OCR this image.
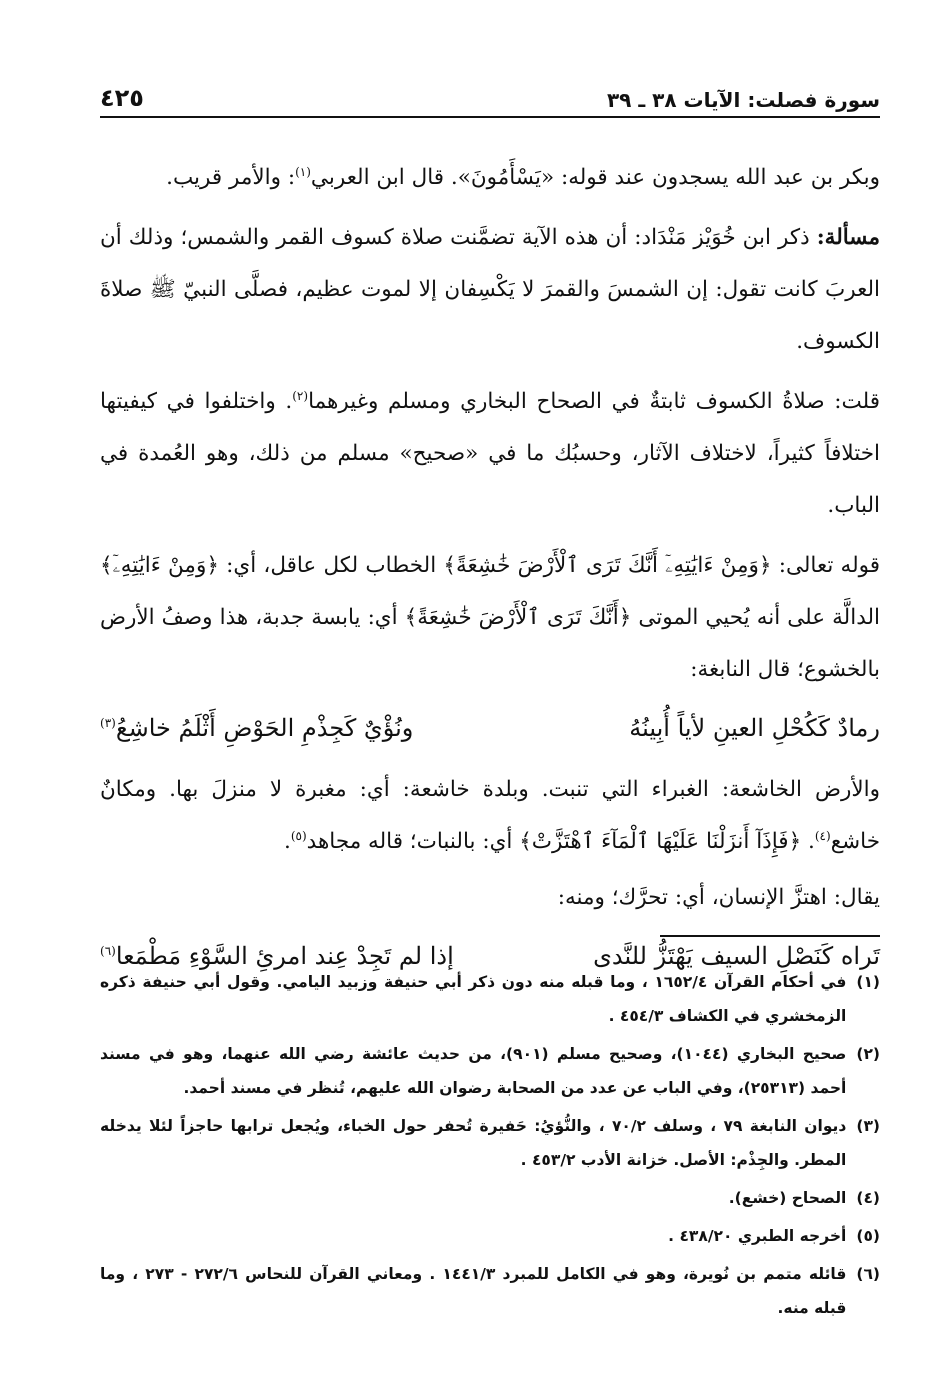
سورة فصلت: الآيات ٣٨ ـ ٣٩
٤٢٥

وبكر بن عبد الله يسجدون عند قوله: «يَسْأَمُونَ». قال ابن العربي$^{(١)}$: والأمر قريب.

مسألة: ذكر ابن خُوَيْز مَنْدَاد: أن هذه الآية تضمَّنت صلاة كسوف القمر والشمس؛ وذلك أن العربَ كانت تقول: إن الشمسَ والقمرَ لا يَكْسِفان إلا لموت عظيم، فصلَّى النبيّ ﷺ صلاةَ الكسوف.

قلت: صلاةُ الكسوف ثابتةٌ في الصحاح البخاري ومسلم وغيرهما$^{(٢)}$. واختلفوا في كيفيتها اختلافاً كثيراً، لاختلاف الآثار، وحسبُك ما في «صحيح» مسلم من ذلك، وهو العُمدة في الباب.

قوله تعالى: ﴿وَمِنْ ءَايَٰتِهِۦٓ أَنَّكَ تَرَى ٱلْأَرْضَ خَٰشِعَةً﴾ الخطاب لكل عاقل، أي: ﴿وَمِنْ ءَايَٰتِهِۦٓ﴾ الدالَّة على أنه يُحيي الموتى ﴿أَنَّكَ تَرَى ٱلْأَرْضَ خَٰشِعَةً﴾ أي: يابسة جدبة، هذا وصفُ الأرض بالخشوع؛ قال النابغة:

رمادٌ كَكُحْلِ العينِ لأياً أُبِينُهُ
ونُؤْيٌ كَجِذْمِ الحَوْضِ أَثْلَمُ خاشِعُ$^{(٣)}$

والأرض الخاشعة: الغبراء التي تنبت. وبلدة خاشعة: أي: مغبرة لا منزلَ بها. ومكانٌ خاشع$^{(٤)}$. ﴿فَإِذَآ أَنزَلْنَا عَلَيْهَا ٱلْمَآءَ ٱهْتَزَّتْ﴾ أي: بالنبات؛ قاله مجاهد$^{(٥)}$.

يقال: اهتزَّ الإنسان، أي: تحرَّك؛ ومنه:

تَراه كَنَصْلِ السيف يَهْتَزُّ للنَّدى
إذا لم تَجِدْ عِند امرئِ السَّوْءِ مَطْمَعا$^{(٦)}$
(١)
في أحكام القرآن ١٦٥٢/٤ ، وما قبله منه دون ذكر أبي حنيفة وزبيد اليامي. وقول أبي حنيفة ذكره الزمخشري في الكشاف ٤٥٤/٣ .
(٢)
صحيح البخاري (١٠٤٤)، وصحيح مسلم (٩٠١)، من حديث عائشة رضي الله عنهما، وهو في مسند أحمد (٢٥٣١٣)، وفي الباب عن عدد من الصحابة رضوان الله عليهم، تُنظر في مسند أحمد.
(٣)
ديوان النابغة ٧٩ ، وسلف ٧٠/٢ ، والنُّؤيُ: حَفيرة تُحفر حول الخباء، ويُجعل ترابها حاجزاً لئلا يدخله المطر. والجِذْم: الأصل. خزانة الأدب ٤٥٣/٢ .
(٤)
الصحاح (خشع).
(٥)
أخرجه الطبري ٤٣٨/٢٠ .
(٦)
قائله متمم بن نُويرة، وهو في الكامل للمبرد ١٤٤١/٣ . ومعاني القرآن للنحاس ٢٧٢/٦ - ٢٧٣ ، وما قبله منه.
